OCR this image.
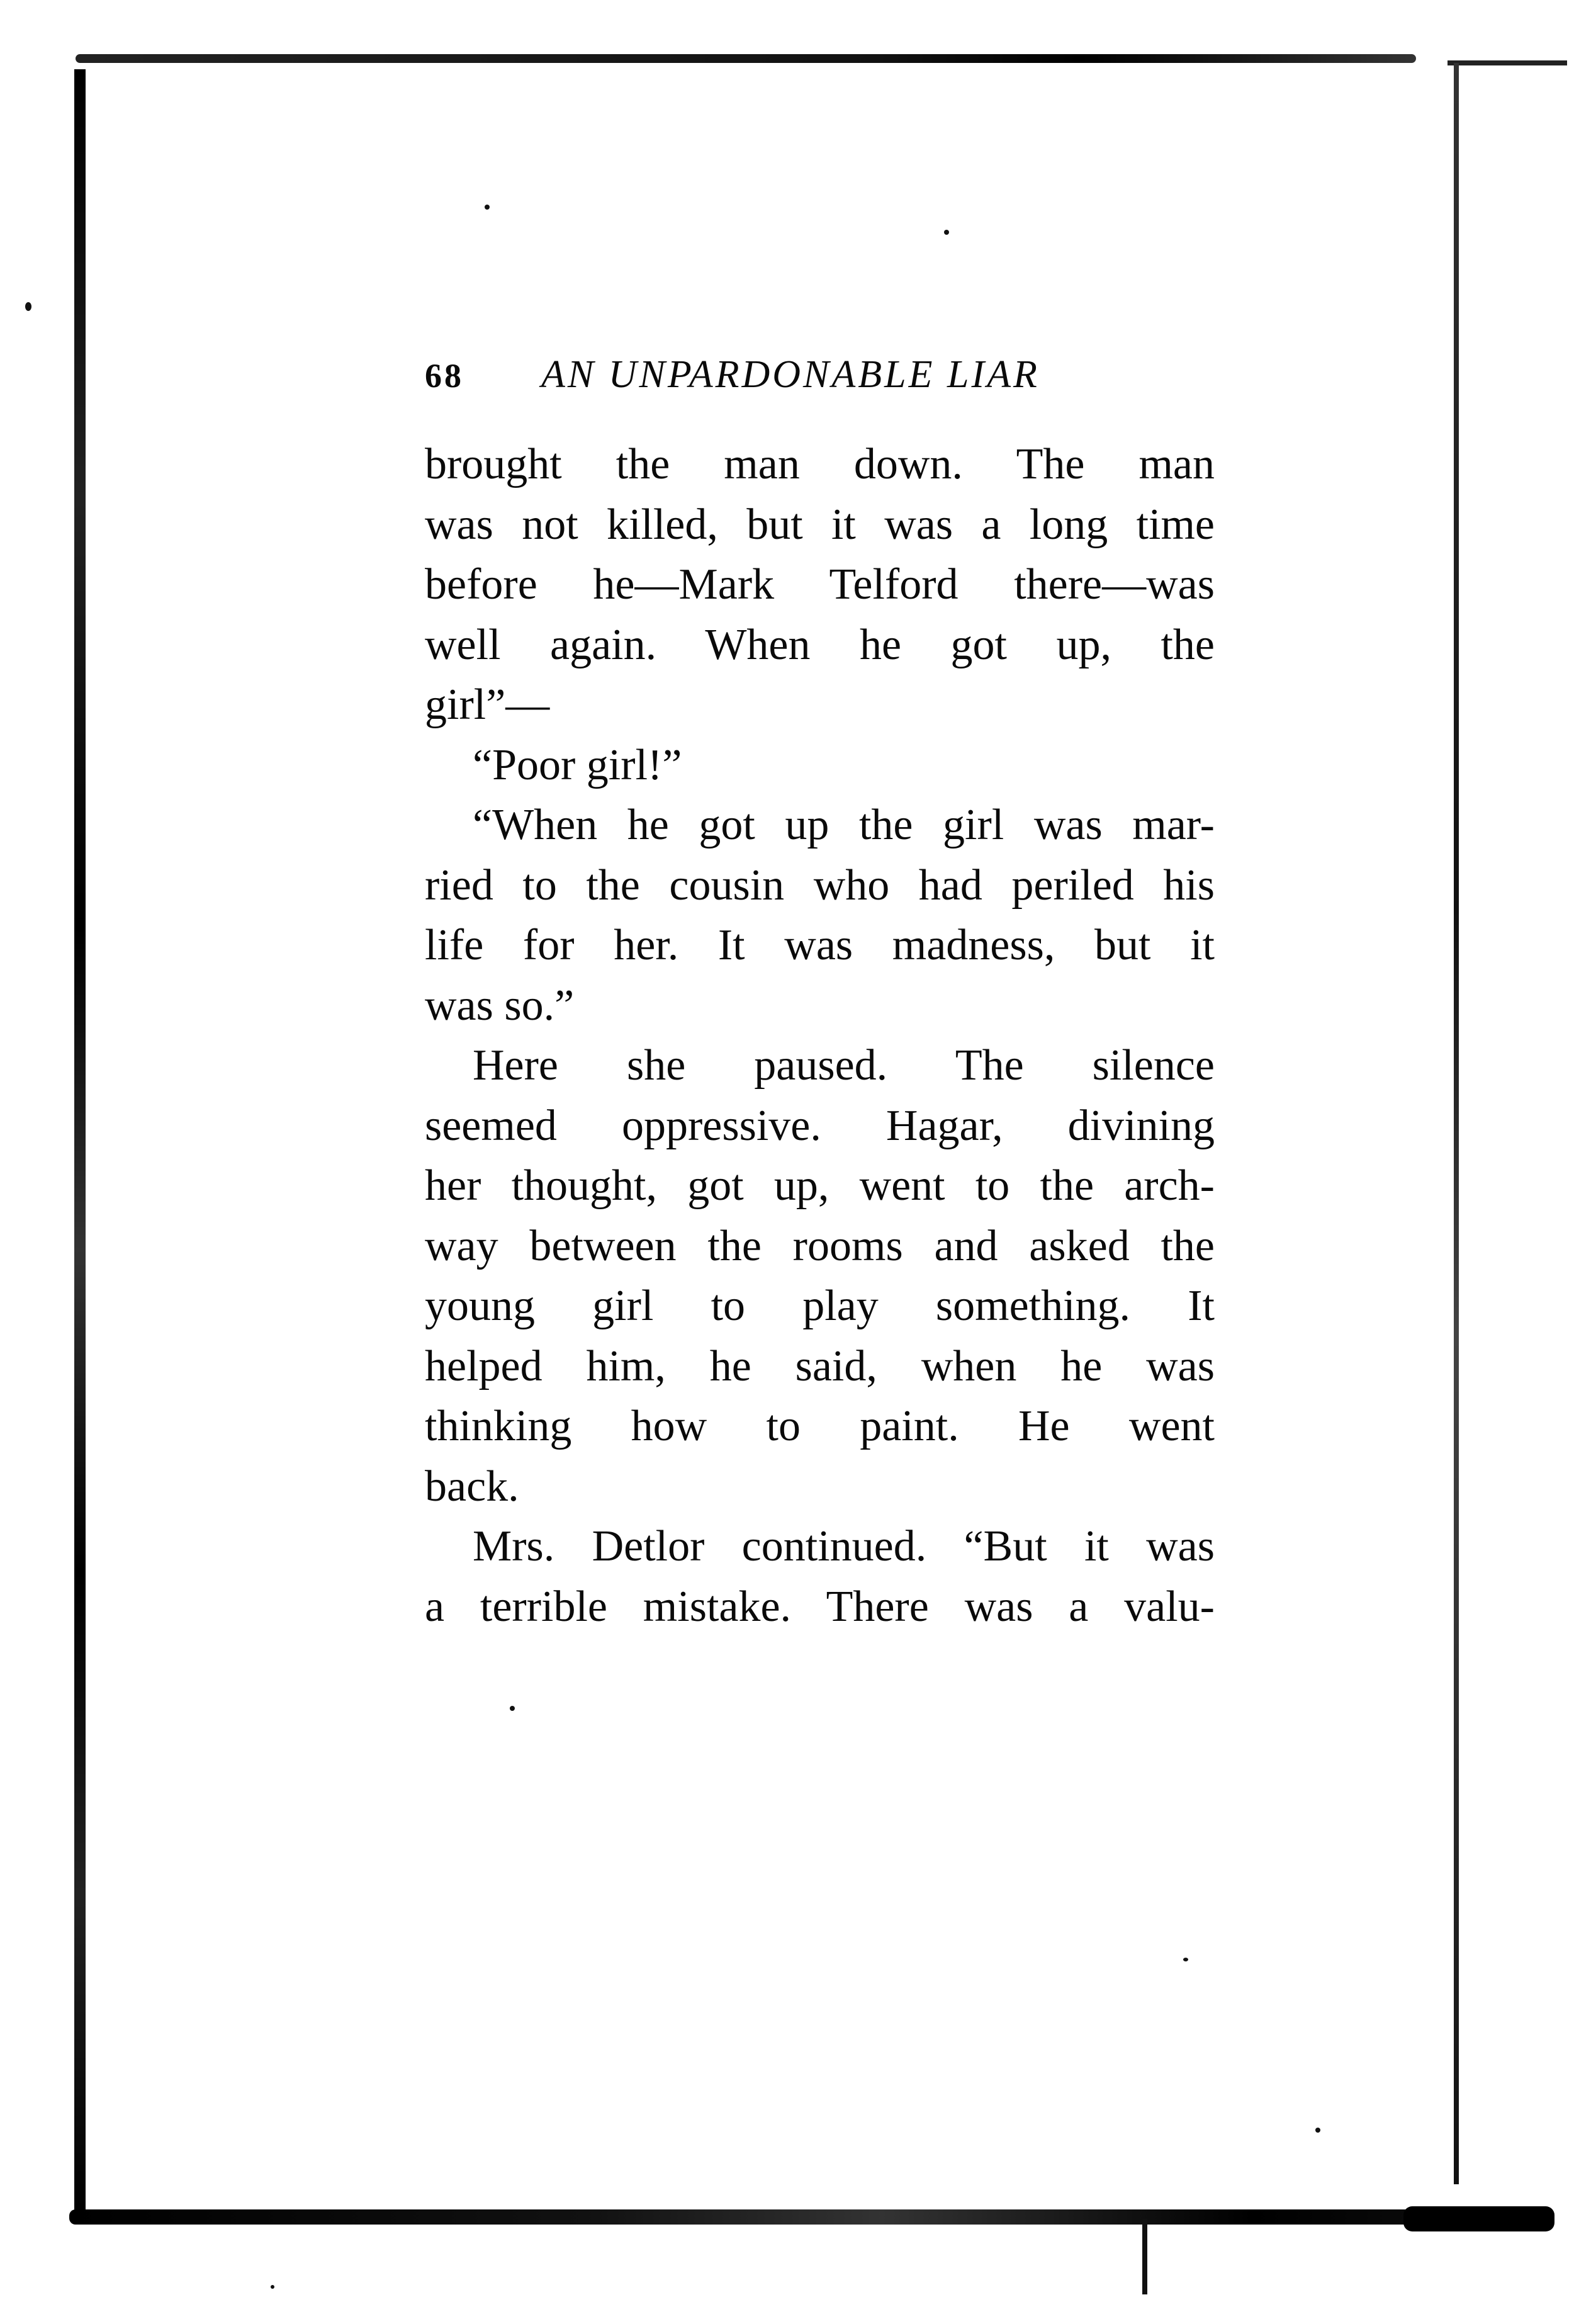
68 AN UNPARDONABLE LIAR
brought the man down. The man
was not killed, but it was a long time
before he—Mark Telford there—was
well again. When he got up, the
girl”—
“Poor girl!”
“When he got up the girl was mar-
ried to the cousin who had periled his
life for her. It was madness, but it
was so.”
Here she paused. The silence
seemed oppressive. Hagar, divining
her thought, got up, went to the arch-
way between the rooms and asked the
young girl to play something. It
helped him, he said, when he was
thinking how to paint. He went
back.
Mrs. Detlor continued. “But it was
a terrible mistake. There was a valu-
